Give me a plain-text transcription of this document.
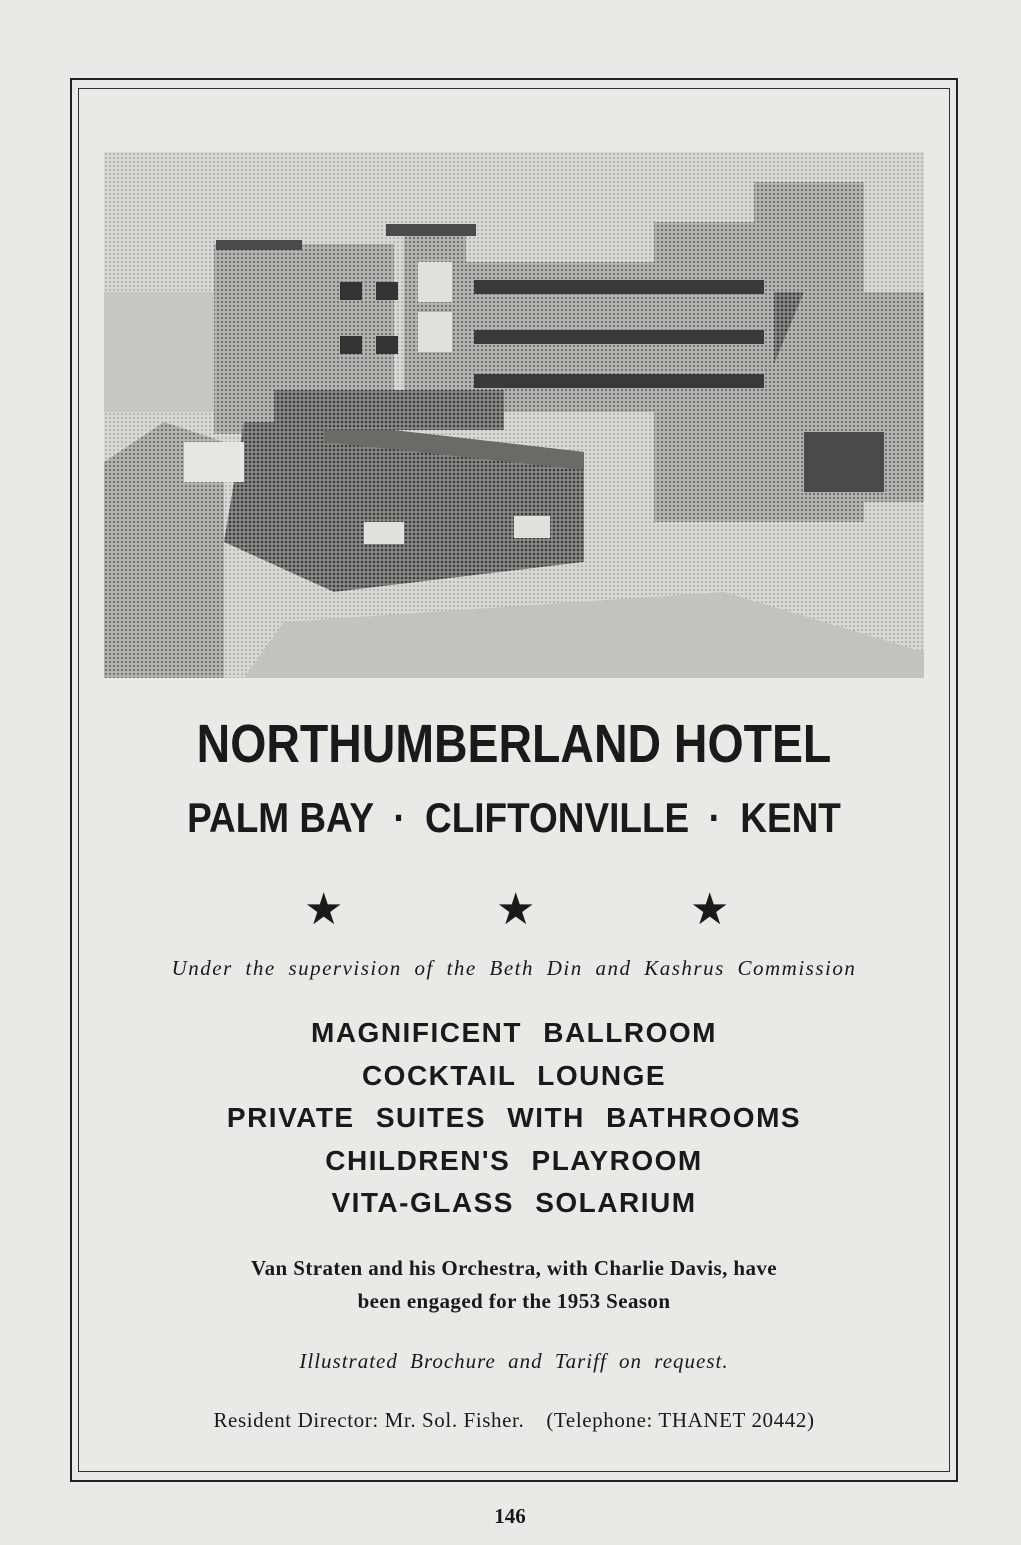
NORTHUMBERLAND HOTEL
PALM BAY · CLIFTONVILLE · KENT
★	★	★
Under the supervision of the Beth Din and Kashrus Commission
MAGNIFICENT BALLROOM
COCKTAIL LOUNGE
PRIVATE SUITES WITH BATHROOMS
CHILDREN'S PLAYROOM
VITA-GLASS SOLARIUM
Van Straten and his Orchestra, with Charlie Davis, have
been engaged for the 1953 Season
Illustrated Brochure and Tariff on request.
Resident Director: Mr. Sol. Fisher. (Telephone: THANET 20442)
146
